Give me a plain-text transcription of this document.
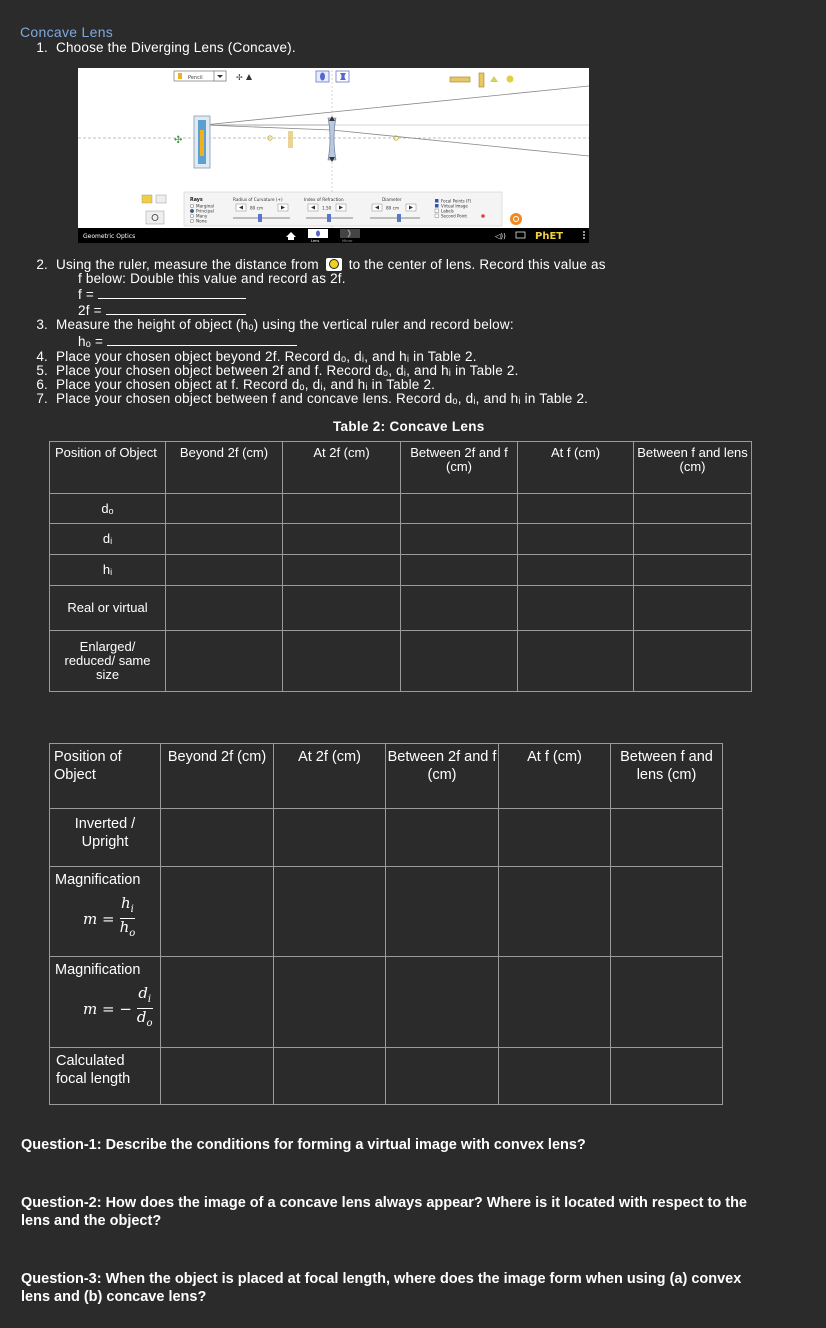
Concave Lens
1. Choose the Diverging Lens (Concave).
Pencil	✢
✣
Rays
Marginal
Principal
Many
None
Radius of Curvature (+)
80 cm
Index of Refraction
1.50
Diameter
80 cm
Focal Points (F)
Virtual Image
Labels
Second Point
Geometric Optics
Lens	Mirror
◁))	PhET
2. Using the ruler, measure the distance from to the center of lens. Record this value as
f below: Double this value and record as 2f.
f =
2f =
3. Measure the height of object (hₒ) using the vertical ruler and record below:
hₒ =
4. Place your chosen object beyond 2f. Record dₒ, dᵢ, and hᵢ in Table 2.
5. Place your chosen object between 2f and f. Record dₒ, dᵢ, and hᵢ in Table 2.
6. Place your chosen object at f. Record dₒ, dᵢ, and hᵢ in Table 2.
7. Place your chosen object between f and concave lens. Record dₒ, dᵢ, and hᵢ in Table 2.
Table 2: Concave Lens
Position of Object	Beyond 2f (cm)	At 2f (cm)	Between 2f and f (cm)	At f (cm)	Between f and lens (cm)
dₒ					
dᵢ					
hᵢ					
Real or virtual					
Enlarged/ reduced/ same size					
Position of Object	Beyond 2f (cm)	At 2f (cm)	Between 2f and f (cm)	At f (cm)	Between f and lens (cm)
Inverted / Upright					

Magnification
$m = \frac{h_i}{h_o}$

Magnification
m = − $\frac{d_i}{d_o}$

Calculated focal length					
Question-1: Describe the conditions for forming a virtual image with convex lens?
Question-2: How does the image of a concave lens always appear? Where is it located with respect to the lens and the object?
Question-3: When the object is placed at focal length, where does the image form when using (a) convex lens and (b) concave lens?
